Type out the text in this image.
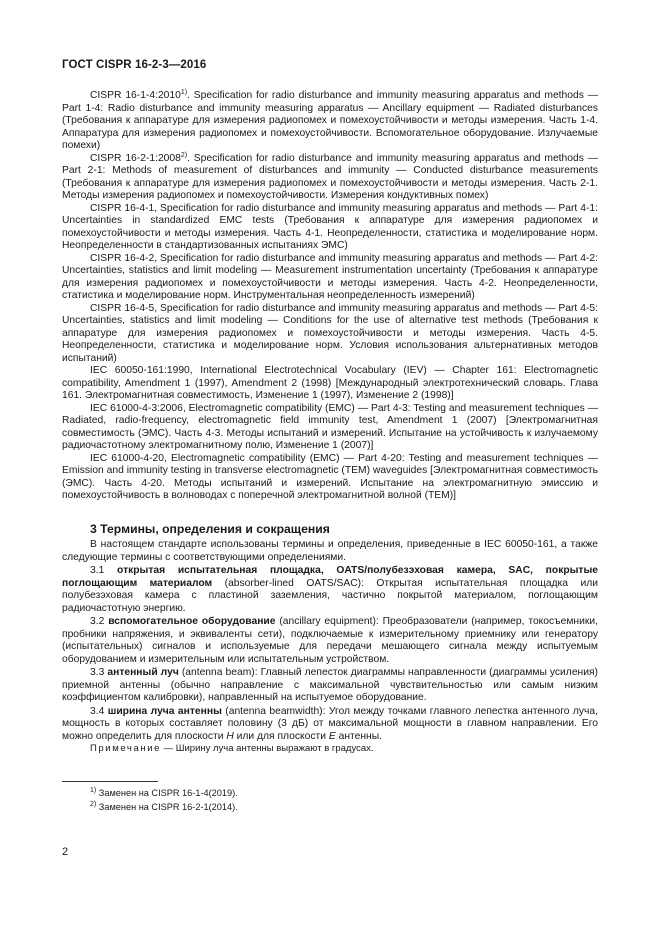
ГОСТ CISPR 16-2-3—2016

CISPR 16-1-4:2010$^{1)}$. Specification for radio disturbance and immunity measuring apparatus and methods — Part 1-4: Radio disturbance and immunity measuring apparatus — Ancillary equipment — Radiated disturbances (Требования к аппаратуре для измерения радиопомех и помехоустойчивости и методы измерения. Часть 1-4. Аппаратура для измерения радиопомех и помехоустойчивости. Вспомогательное оборудование. Излучаемые помехи)

CISPR 16-2-1:2008$^{2)}$. Specification for radio disturbance and immunity measuring apparatus and methods — Part 2-1: Methods of measurement of disturbances and immunity — Conducted disturbance measurements (Требования к аппаратуре для измерения радиопомех и помехоустойчивости и методы измерения. Часть 2-1. Методы измерения радиопомех и помехоустойчивости. Измерения кондуктивных помех)

CISPR 16-4-1, Specification for radio disturbance and immunity measuring apparatus and methods — Part 4-1: Uncertainties in standardized EMC tests (Требования к аппаратуре для измерения радиопомех и помехоустойчивости и методы измерения. Часть 4-1. Неопределенности, статистика и моделирование норм. Неопределенности в стандартизованных испытаниях ЭМС)

CISPR 16-4-2, Specification for radio disturbance and immunity measuring apparatus and methods — Part 4-2: Uncertainties, statistics and limit modeling — Measurement instrumentation uncertainty (Требования к аппаратуре для измерения радиопомех и помехоустойчивости и методы измерения. Часть 4-2. Неопределенности, статистика и моделирование норм. Инструментальная неопределенность измерений)

CISPR 16-4-5, Specification for radio disturbance and immunity measuring apparatus and methods — Part 4-5: Uncertainties, statistics and limit modeling — Conditions for the use of alternative test methods (Требования к аппаратуре для измерения радиопомех и помехоустойчивости и методы измерения. Часть 4-5. Неопределенности, статистика и моделирование норм. Условия использования альтернативных методов испытаний)

IEC 60050-161:1990, International Electrotechnical Vocabulary (IEV) — Chapter 161: Electromagnetic compatibility, Amendment 1 (1997), Amendment 2 (1998) [Международный электротехнический словарь. Глава 161. Электромагнитная совместимость, Изменение 1 (1997), Изменение 2 (1998)]

IEC 61000-4-3:2006, Electromagnetic compatibility (EMC) — Part 4-3: Testing and measurement techniques — Radiated, radio-frequency, electromagnetic field immunity test, Amendment 1 (2007) [Электромагнитная совместимость (ЭМС). Часть 4-3. Методы испытаний и измерений. Испытание на устойчивость к излучаемому радиочастотному электромагнитному полю, Изменение 1 (2007)]

IEC 61000-4-20, Electromagnetic compatibility (EMC) — Part 4-20: Testing and measurement techniques — Emission and immunity testing in transverse electromagnetic (TEM) waveguides [Электромагнитная совместимость (ЭМС). Часть 4-20. Методы испытаний и измерений. Испытание на электромагнитную эмиссию и помехоустойчивость в волноводах с поперечной электромагнитной волной (ТЕМ)]

3 Термины, определения и сокращения

В настоящем стандарте использованы термины и определения, приведенные в IEC 60050-161, а также следующие термины с соответствующими определениями.

3.1 открытая испытательная площадка, OATS/полубезэховая камера, SAC, покрытые поглощающим материалом (absorber-lined OATS/SAC): Открытая испытательная площадка или полубезэховая камера с пластиной заземления, частично покрытой материалом, поглощающим радиочастотную энергию.

3.2 вспомогательное оборудование (ancillary equipment): Преобразователи (например, токосъемники, пробники напряжения, и эквиваленты сети), подключаемые к измерительному приемнику или генератору (испытательных) сигналов и используемые для передачи мешающего сигнала между испытуемым оборудованием и измерительным или испытательным устройством.

3.3 антенный луч (antenna beam): Главный лепесток диаграммы направленности (диаграммы усиления) приемной антенны (обычно направление с максимальной чувствительностью или самым низким коэффициентом калибровки), направленный на испытуемое оборудование.

3.4 ширина луча антенны (antenna beamwidth): Угол между точками главного лепестка антенного луча, мощность в которых составляет половину (3 дБ) от максимальной мощности в главном направлении. Его можно определить для плоскости H или для плоскости E антенны.

Примечание — Ширину луча антенны выражают в градусах.

$^{1)}$ Заменен на CISPR 16-1-4(2019).
$^{2)}$ Заменен на CISPR 16-2-1(2014).
2
